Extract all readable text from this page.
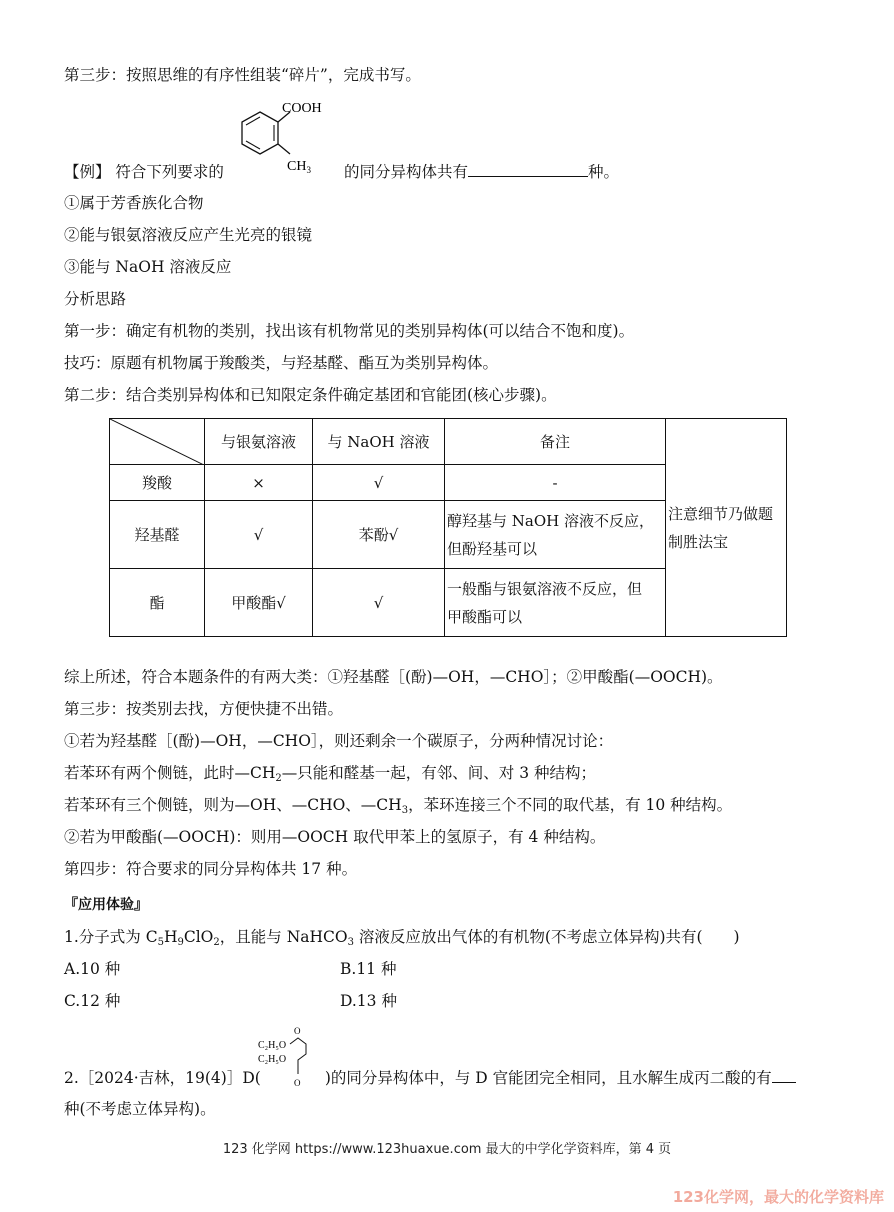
第三步：按照思维的有序性组装“碎片”，完成书写。
COOH
$CH_3$
【例】 符合下列要求的	的同分异构体共有	种。
①属于芳香族化合物
②能与银氨溶液反应产生光亮的银镜
③能与 NaOH 溶液反应
分析思路
第一步：确定有机物的类别，找出该有机物常见的类别异构体(可以结合不饱和度)。
技巧：原题有机物属于羧酸类，与羟基醛、酯互为类别异构体。
第二步：结合类别异构体和已知限定条件确定基团和官能团(核心步骤)。
	与银氨溶液	与 NaOH 溶液	备注	注意细节乃做题
制胜法宝

羧酸	×	√	-	
羟基醛	√	苯酚√	醇羟基与 NaOH 溶液不反应，
但酚羟基可以	

酯	甲酸酯√	√	一般酯与银氨溶液不反应，但
甲酸酯可以	
综上所述，符合本题条件的有两大类：①羟基醛［(酚)—OH，—CHO］；②甲酸酯(—OOCH)。
第三步：按类别去找，方便快捷不出错。
①若为羟基醛［(酚)—OH，—CHO］，则还剩余一个碳原子，分两种情况讨论：
若苯环有两个侧链，此时$—CH_2—$只能和醛基一起，有邻、间、对 3 种结构；
若苯环有三个侧链，则为—OH、—CHO、$—CH_3$，苯环连接三个不同的取代基，有 10 种结构。
②若为甲酸酯(—OOCH)：则用—OOCH 取代甲苯上的氢原子，有 4 种结构。
第四步：符合要求的同分异构体共 17 种。
『应用体验』
1.分子式为 $C_5H_9ClO_2$，且能与 NaHCO$_3$ 溶液反应放出气体的有机物(不考虑立体异构)共有(　　)
A.10 种	B.11 种
C.12 种	D.13 种
C₂H₅O
C₂H₅O
O
O
2.［2024·吉林，19(4)］D(	)的同分异构体中，与 D 官能团完全相同，且水解生成丙二酸的有
种(不考虑立体异构)。
123 化学网 https://www.123huaxue.com 最大的中学化学资料库，第 4 页
123化学网，最大的化学资料库
